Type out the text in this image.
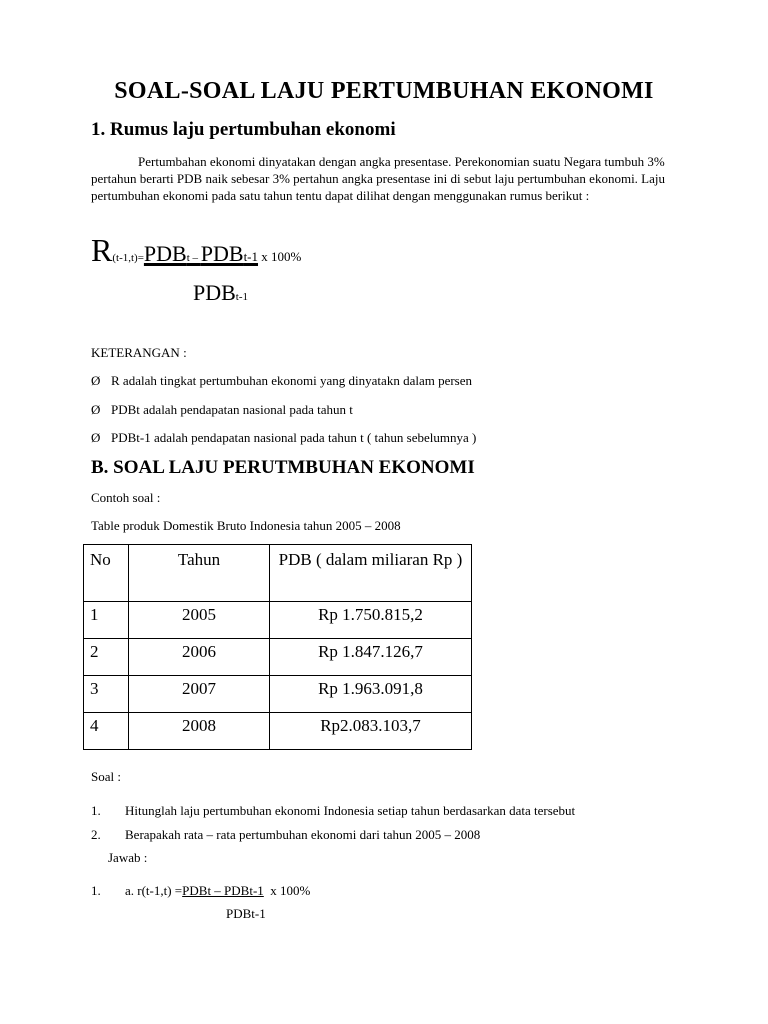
SOAL-SOAL LAJU PERTUMBUHAN EKONOMI
1. Rumus laju pertumbuhan ekonomi
Pertumbahan ekonomi dinyatakan dengan angka presentase. Perekonomian suatu Negara tumbuh 3% pertahun berarti PDB naik sebesar 3% pertahun angka presentase ini di sebut laju pertumbuhan ekonomi. Laju pertumbuhan ekonomi pada satu tahun tentu dapat dilihat dengan menggunakan rumus berikut :
R(t-1,t)=PDBt – PDBt-1 x 100%
PDBt-1
KETERANGAN :
Ø R adalah tingkat pertumbuhan ekonomi yang dinyatakn dalam persen
Ø PDBt adalah pendapatan nasional pada tahun t
Ø PDBt-1 adalah pendapatan nasional pada tahun t ( tahun sebelumnya )
B. SOAL LAJU PERUTMBUHAN EKONOMI
Contoh soal :
Table produk Domestik Bruto Indonesia tahun 2005 – 2008
No	Tahun	PDB ( dalam miliaran Rp )
1	2005	Rp 1.750.815,2
2	2006	Rp 1.847.126,7
3	2007	Rp 1.963.091,8
4	2008	Rp2.083.103,7
Soal :
1. Hitunglah laju pertumbuhan ekonomi Indonesia setiap tahun berdasarkan data tersebut
2. Berapakah rata – rata pertumbuhan ekonomi dari tahun 2005 – 2008
Jawab :
1. a. r(t-1,t) =PDBt – PDBt-1  x 100%
PDBt-1
